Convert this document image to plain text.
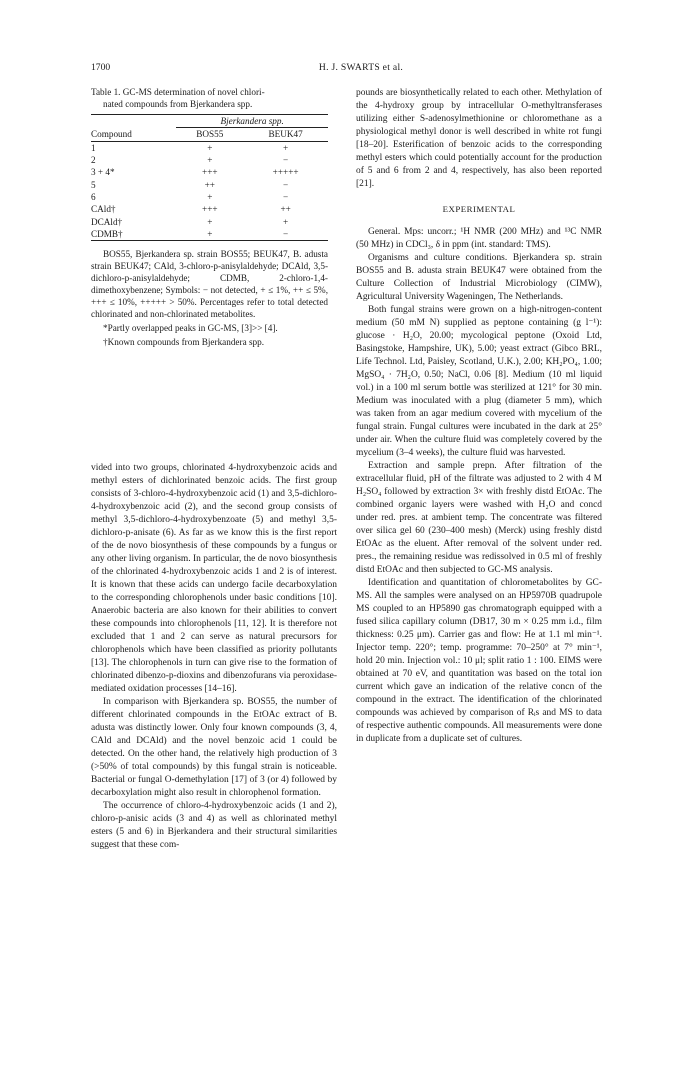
1700	H. J. SWARTS et al.
Table 1. GC-MS determination of novel chlori-
nated compounds from Bjerkandera spp.
	Bjerkandera spp.	
Compound	BOS55	BEUK47
1	+	+
2	+	−
3 + 4*	+++	+++++
5	++	−
6	+	−
CAld†	+++	++
DCAld†	+	+
CDMB†	+	−

BOS55, Bjerkandera sp. strain BOS55; BEUK47, B. adusta strain BEUK47; CAld, 3-chloro-p-anisylaldehyde; DCAld, 3,5-dichloro-p-anisylaldehyde; CDMB, 2-chloro-1,4-dimethoxybenzene; Symbols: − not detected, + ≤ 1%, ++ ≤ 5%, +++ ≤ 10%, +++++ > 50%. Percentages refer to total detected chlorinated and non-chlorinated metabolites.

*Partly overlapped peaks in GC-MS, [3]>> [4].

†Known compounds from Bjerkandera spp.

vided into two groups, chlorinated 4-hydroxybenzoic acids and methyl esters of dichlorinated benzoic acids. The first group consists of 3-chloro-4-hydroxybenzoic acid (1) and 3,5-dichloro-4-hydroxybenzoic acid (2), and the second group consists of methyl 3,5-dichloro-4-hydroxybenzoate (5) and methyl 3,5-dichloro-p-anisate (6). As far as we know this is the first report of the de novo biosynthesis of these compounds by a fungus or any other living organism. In particular, the de novo biosynthesis of the chlorinated 4-hydroxybenzoic acids 1 and 2 is of interest. It is known that these acids can undergo facile decarboxylation to the corresponding chlorophenols under basic conditions [10]. Anaerobic bacteria are also known for their abilities to convert these compounds into chlorophenols [11, 12]. It is therefore not excluded that 1 and 2 can serve as natural precursors for chlorophenols which have been classified as priority pollutants [13]. The chlorophenols in turn can give rise to the formation of chlorinated dibenzo-p-dioxins and dibenzofurans via peroxidase-mediated oxidation processes [14–16].

In comparison with Bjerkandera sp. BOS55, the number of different chlorinated compounds in the EtOAc extract of B. adusta was distinctly lower. Only four known compounds (3, 4, CAld and DCAld) and the novel benzoic acid 1 could be detected. On the other hand, the relatively high production of 3 (>50% of total compounds) by this fungal strain is noticeable. Bacterial or fungal O-demethylation [17] of 3 (or 4) followed by decarboxylation might also result in chlorophenol formation.

The occurrence of chloro-4-hydroxybenzoic acids (1 and 2), chloro-p-anisic acids (3 and 4) as well as chlorinated methyl esters (5 and 6) in Bjerkandera and their structural similarities suggest that these com-

pounds are biosynthetically related to each other. Methylation of the 4-hydroxy group by intracellular O-methyltransferases utilizing either S-adenosylmethionine or chloromethane as a physiological methyl donor is well described in white rot fungi [18–20]. Esterification of benzoic acids to the corresponding methyl esters which could potentially account for the production of 5 and 6 from 2 and 4, respectively, has also been reported [21].

EXPERIMENTAL

General. Mps: uncorr.; ¹H NMR (200 MHz) and ¹³C NMR (50 MHz) in CDCl₃, δ in ppm (int. standard: TMS).

Organisms and culture conditions. Bjerkandera sp. strain BOS55 and B. adusta strain BEUK47 were obtained from the Culture Collection of Industrial Microbiology (CIMW), Agricultural University Wageningen, The Netherlands.

Both fungal strains were grown on a high-nitrogen-content medium (50 mM N) supplied as peptone containing (g l⁻¹): glucose · H₂O, 20.00; mycological peptone (Oxoid Ltd, Basingstoke, Hampshire, UK), 5.00; yeast extract (Gibco BRL, Life Technol. Ltd, Paisley, Scotland, U.K.), 2.00; KH₂PO₄, 1.00; MgSO₄ · 7H₂O, 0.50; NaCl, 0.06 [8]. Medium (10 ml liquid vol.) in a 100 ml serum bottle was sterilized at 121° for 30 min. Medium was inoculated with a plug (diameter 5 mm), which was taken from an agar medium covered with mycelium of the fungal strain. Fungal cultures were incubated in the dark at 25° under air. When the culture fluid was completely covered by the mycelium (3–4 weeks), the culture fluid was harvested.

Extraction and sample prepn. After filtration of the extracellular fluid, pH of the filtrate was adjusted to 2 with 4 M H₂SO₄ followed by extraction 3× with freshly distd EtOAc. The combined organic layers were washed with H₂O and concd under red. pres. at ambient temp. The concentrate was filtered over silica gel 60 (230–400 mesh) (Merck) using freshly distd EtOAc as the eluent. After removal of the solvent under red. pres., the remaining residue was redissolved in 0.5 ml of freshly distd EtOAc and then subjected to GC-MS analysis.

Identification and quantitation of chlorometabolites by GC-MS. All the samples were analysed on an HP5970B quadrupole MS coupled to an HP5890 gas chromatograph equipped with a fused silica capillary column (DB17, 30 m × 0.25 mm i.d., film thickness: 0.25 μm). Carrier gas and flow: He at 1.1 ml min⁻¹. Injector temp. 220°; temp. programme: 70–250° at 7° min⁻¹, hold 20 min. Injection vol.: 10 μl; split ratio 1 : 100. EIMS were obtained at 70 eV, and quantitation was based on the total ion current which gave an indication of the relative concn of the compound in the extract. The identification of the chlorinated compounds was achieved by comparison of Rᵢs and MS to data of respective authentic compounds. All measurements were done in duplicate from a duplicate set of cultures.
